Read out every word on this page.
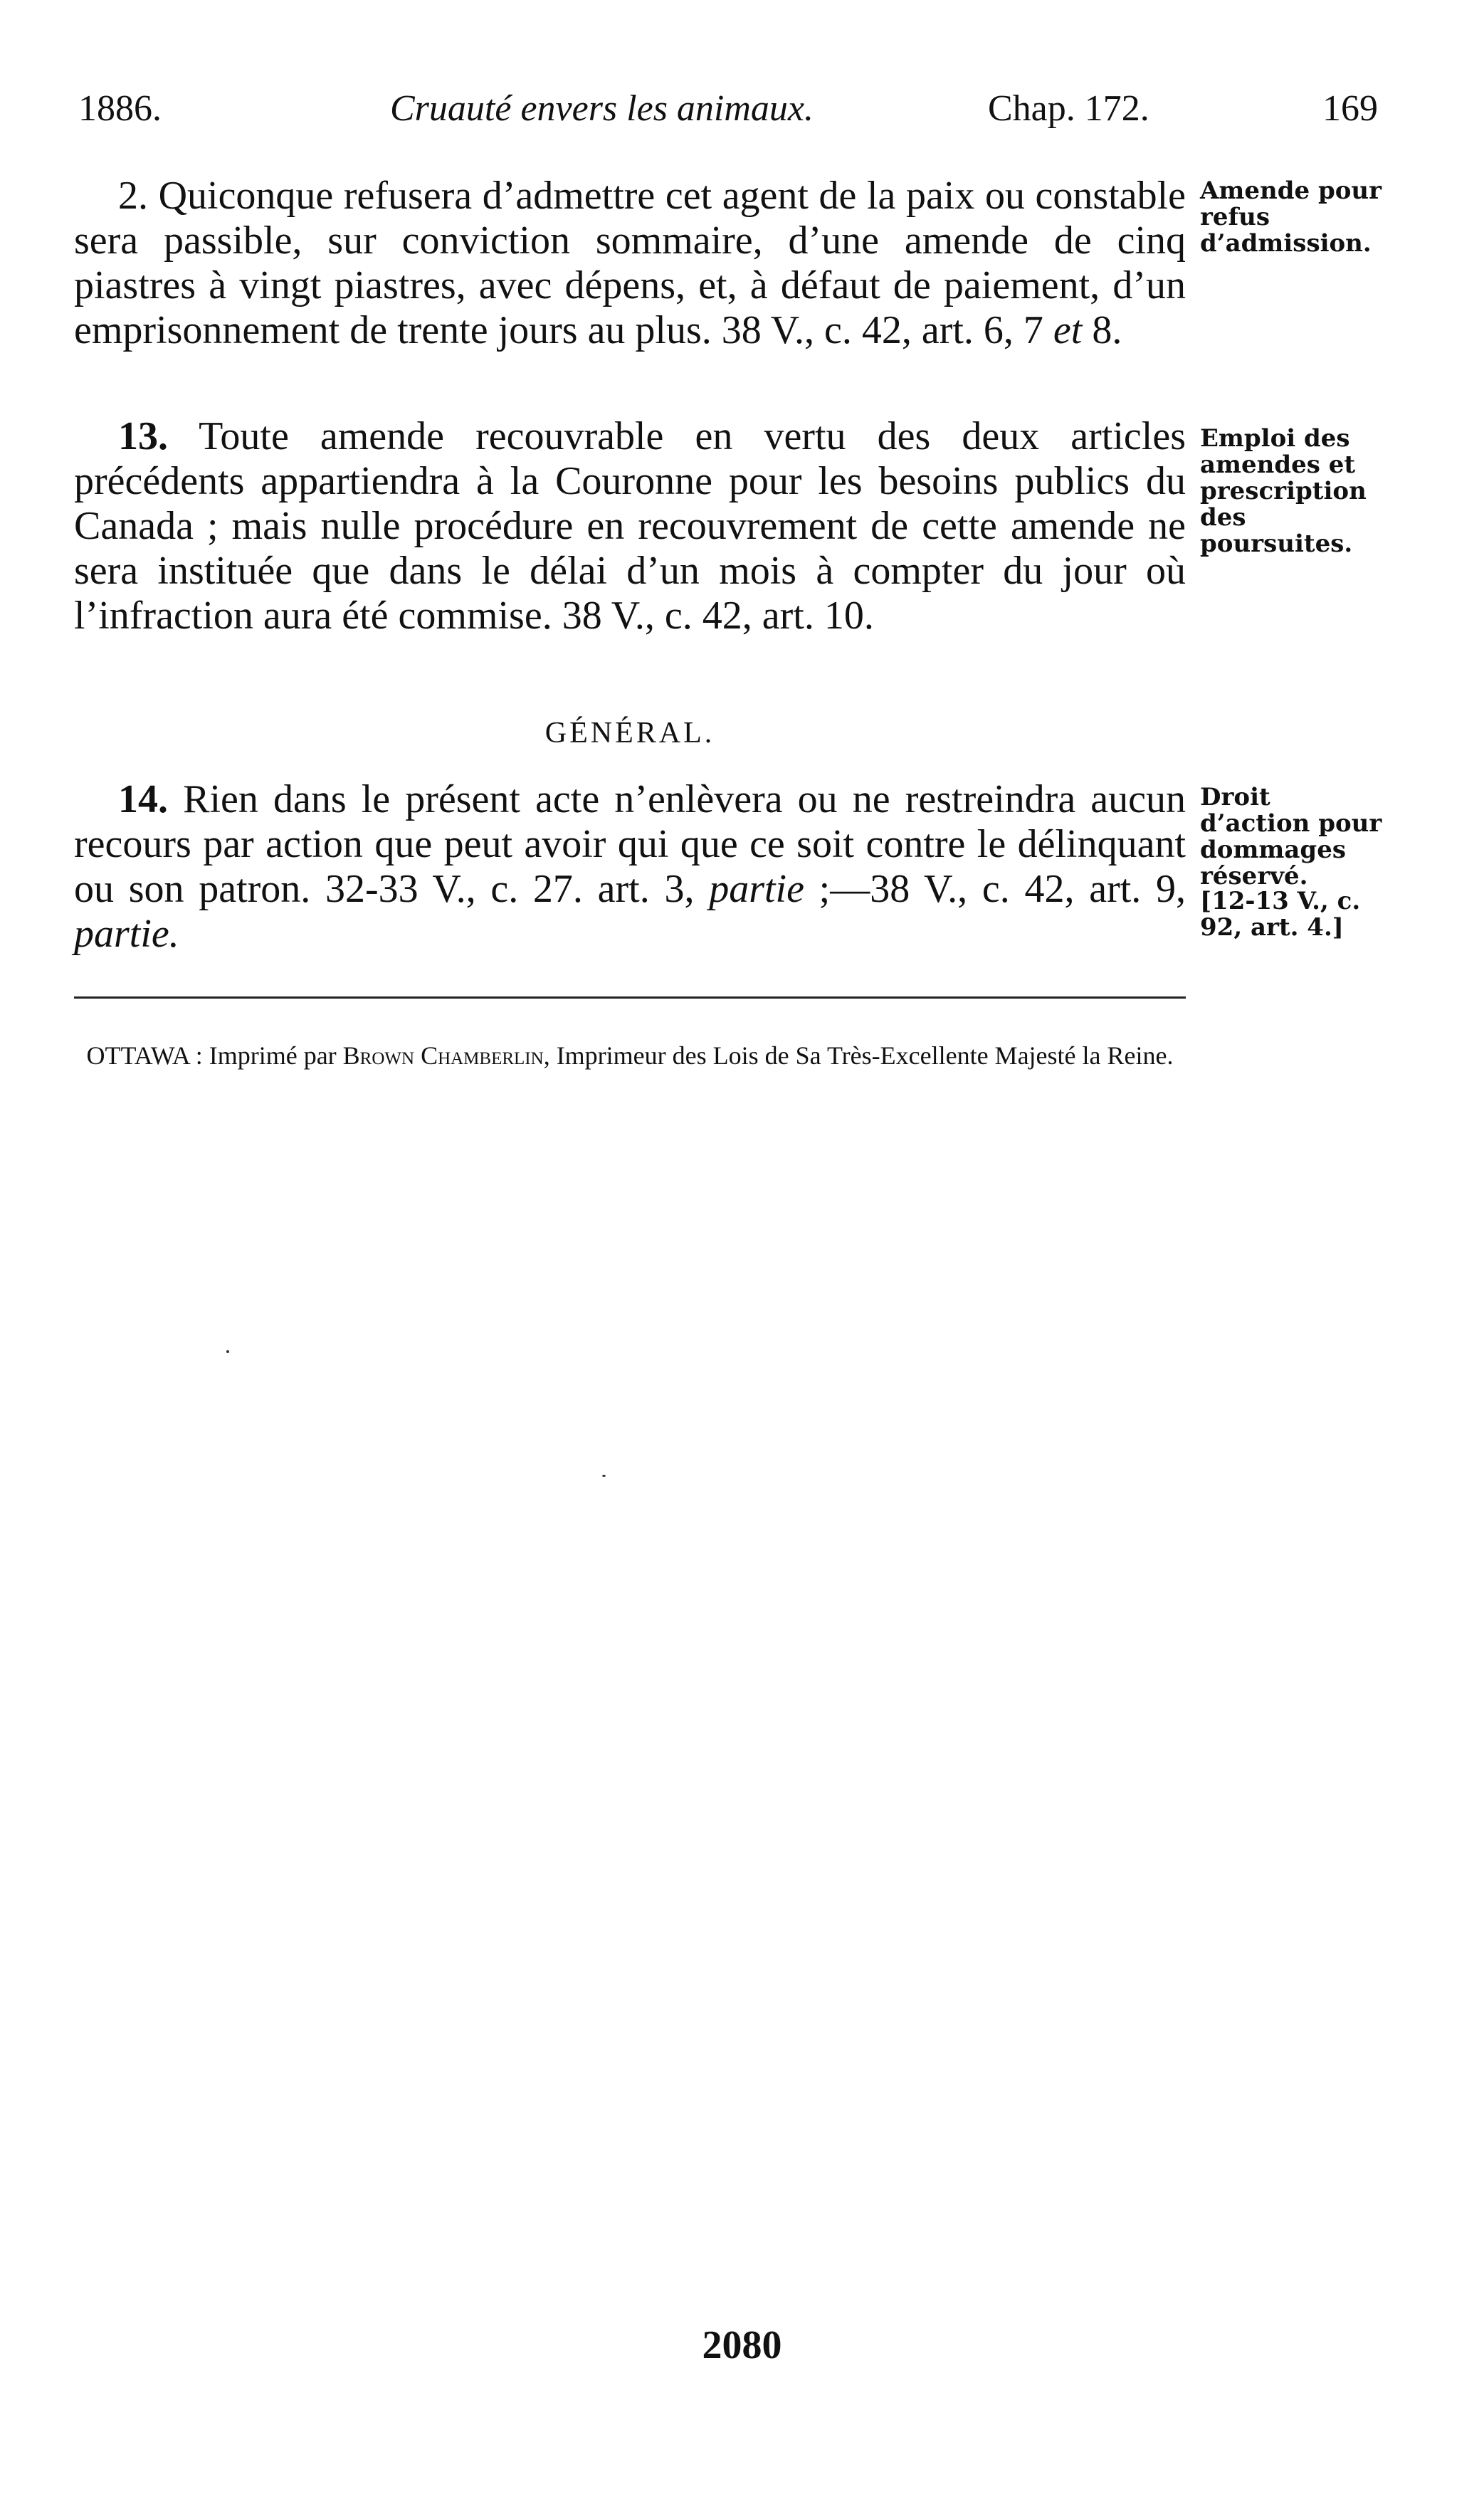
1886.	Cruauté envers les animaux.	Chap. 172.	169

2. Quiconque refusera d’admettre cet agent de la paix ou constable sera passible, sur conviction sommaire, d’une amende de cinq piastres à vingt piastres, avec dépens, et, à défaut de paiement, d’un emprisonnement de trente jours au plus. 38 V., c. 42, art. 6, 7 et 8.

Amende pour refus d’admission.

13. Toute amende recouvrable en vertu des deux articles précédents appartiendra à la Couronne pour les besoins publics du Canada ; mais nulle procédure en recouvrement de cette amende ne sera instituée que dans le délai d’un mois à compter du jour où l’infraction aura été commise. 38 V., c. 42, art. 10.

Emploi des amendes et prescription des poursuites.

GÉNÉRAL.

14. Rien dans le présent acte n’enlèvera ou ne restreindra aucun recours par action que peut avoir qui que ce soit contre le délinquant ou son patron. 32-33 V., c. 27. art. 3, partie ;—38 V., c. 42, art. 9, partie.

Droit d’action pour dommages réservé.

[12-13 V., c. 92, art. 4.]

OTTAWA : Imprimé par Brown Chamberlin, Imprimeur des Lois de Sa Très-Excellente Majesté la Reine.
2080
